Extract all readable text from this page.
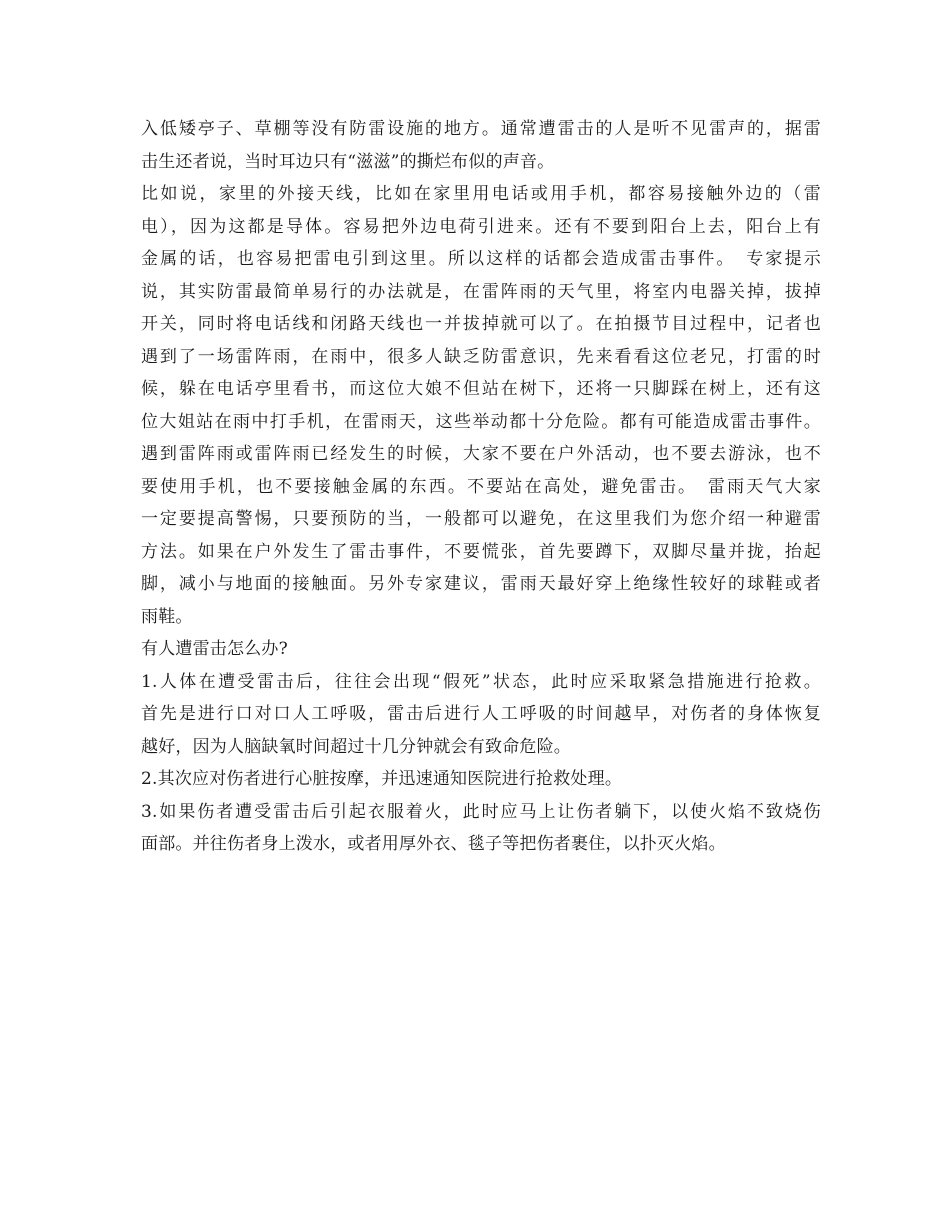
入低矮亭子、草棚等没有防雷设施的地方。通常遭雷击的人是听不见雷声的，据雷
击生还者说，当时耳边只有“滋滋”的撕烂布似的声音。
比如说，家里的外接天线，比如在家里用电话或用手机，都容易接触外边的（雷
电），因为这都是导体。容易把外边电荷引进来。还有不要到阳台上去，阳台上有
金属的话，也容易把雷电引到这里。所以这样的话都会造成雷击事件。　专家提示
说，其实防雷最简单易行的办法就是，在雷阵雨的天气里，将室内电器关掉，拔掉
开关，同时将电话线和闭路天线也一并拔掉就可以了。在拍摄节目过程中，记者也
遇到了一场雷阵雨，在雨中，很多人缺乏防雷意识，先来看看这位老兄，打雷的时
候，躲在电话亭里看书，而这位大娘不但站在树下，还将一只脚踩在树上，还有这
位大姐站在雨中打手机，在雷雨天，这些举动都十分危险。都有可能造成雷击事件。
遇到雷阵雨或雷阵雨已经发生的时候，大家不要在户外活动，也不要去游泳，也不
要使用手机，也不要接触金属的东西。不要站在高处，避免雷击。　雷雨天气大家
一定要提高警惕，只要预防的当，一般都可以避免，在这里我们为您介绍一种避雷
方法。如果在户外发生了雷击事件，不要慌张，首先要蹲下，双脚尽量并拢，抬起
脚，减小与地面的接触面。另外专家建议，雷雨天最好穿上绝缘性较好的球鞋或者
雨鞋。
有人遭雷击怎么办?
1.人体在遭受雷击后，往往会出现“假死”状态，此时应采取紧急措施进行抢救。
首先是进行口对口人工呼吸，雷击后进行人工呼吸的时间越早，对伤者的身体恢复
越好，因为人脑缺氧时间超过十几分钟就会有致命危险。
2.其次应对伤者进行心脏按摩，并迅速通知医院进行抢救处理。
3.如果伤者遭受雷击后引起衣服着火，此时应马上让伤者躺下，以使火焰不致烧伤
面部。并往伤者身上泼水，或者用厚外衣、毯子等把伤者裹住，以扑灭火焰。
